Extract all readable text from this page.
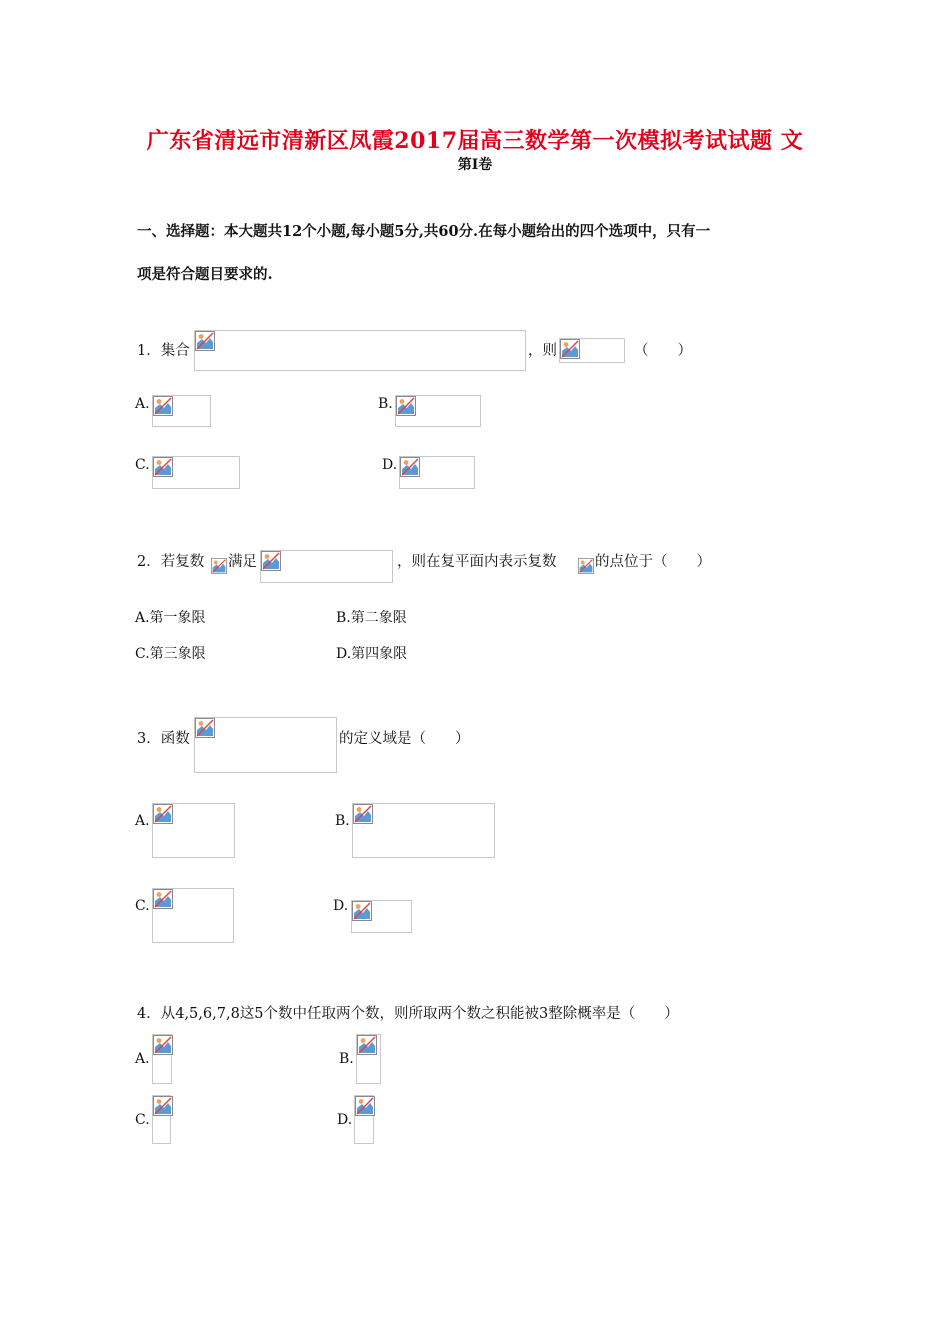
广东省清远市清新区凤霞2017届高三数学第一次模拟考试试题 文
第Ⅰ卷
一、选择题：本大题共12个小题,每小题5分,共60分.在每小题给出的四个选项中，只有一
项是符合题目要求的.
1．集合	，则	（　　）
A.	B.
C.	D.
2．若复数 满足	，则在复平面内表示复数	的点位于（　　）
A.第一象限	B.第二象限
C.第三象限	D.第四象限
3．函数	的定义域是（　　）
A.	B.
C.	D.
4．从4,5,6,7,8这5个数中任取两个数，则所取两个数之积能被3整除概率是（　　）
A.	B.
C.	D.
